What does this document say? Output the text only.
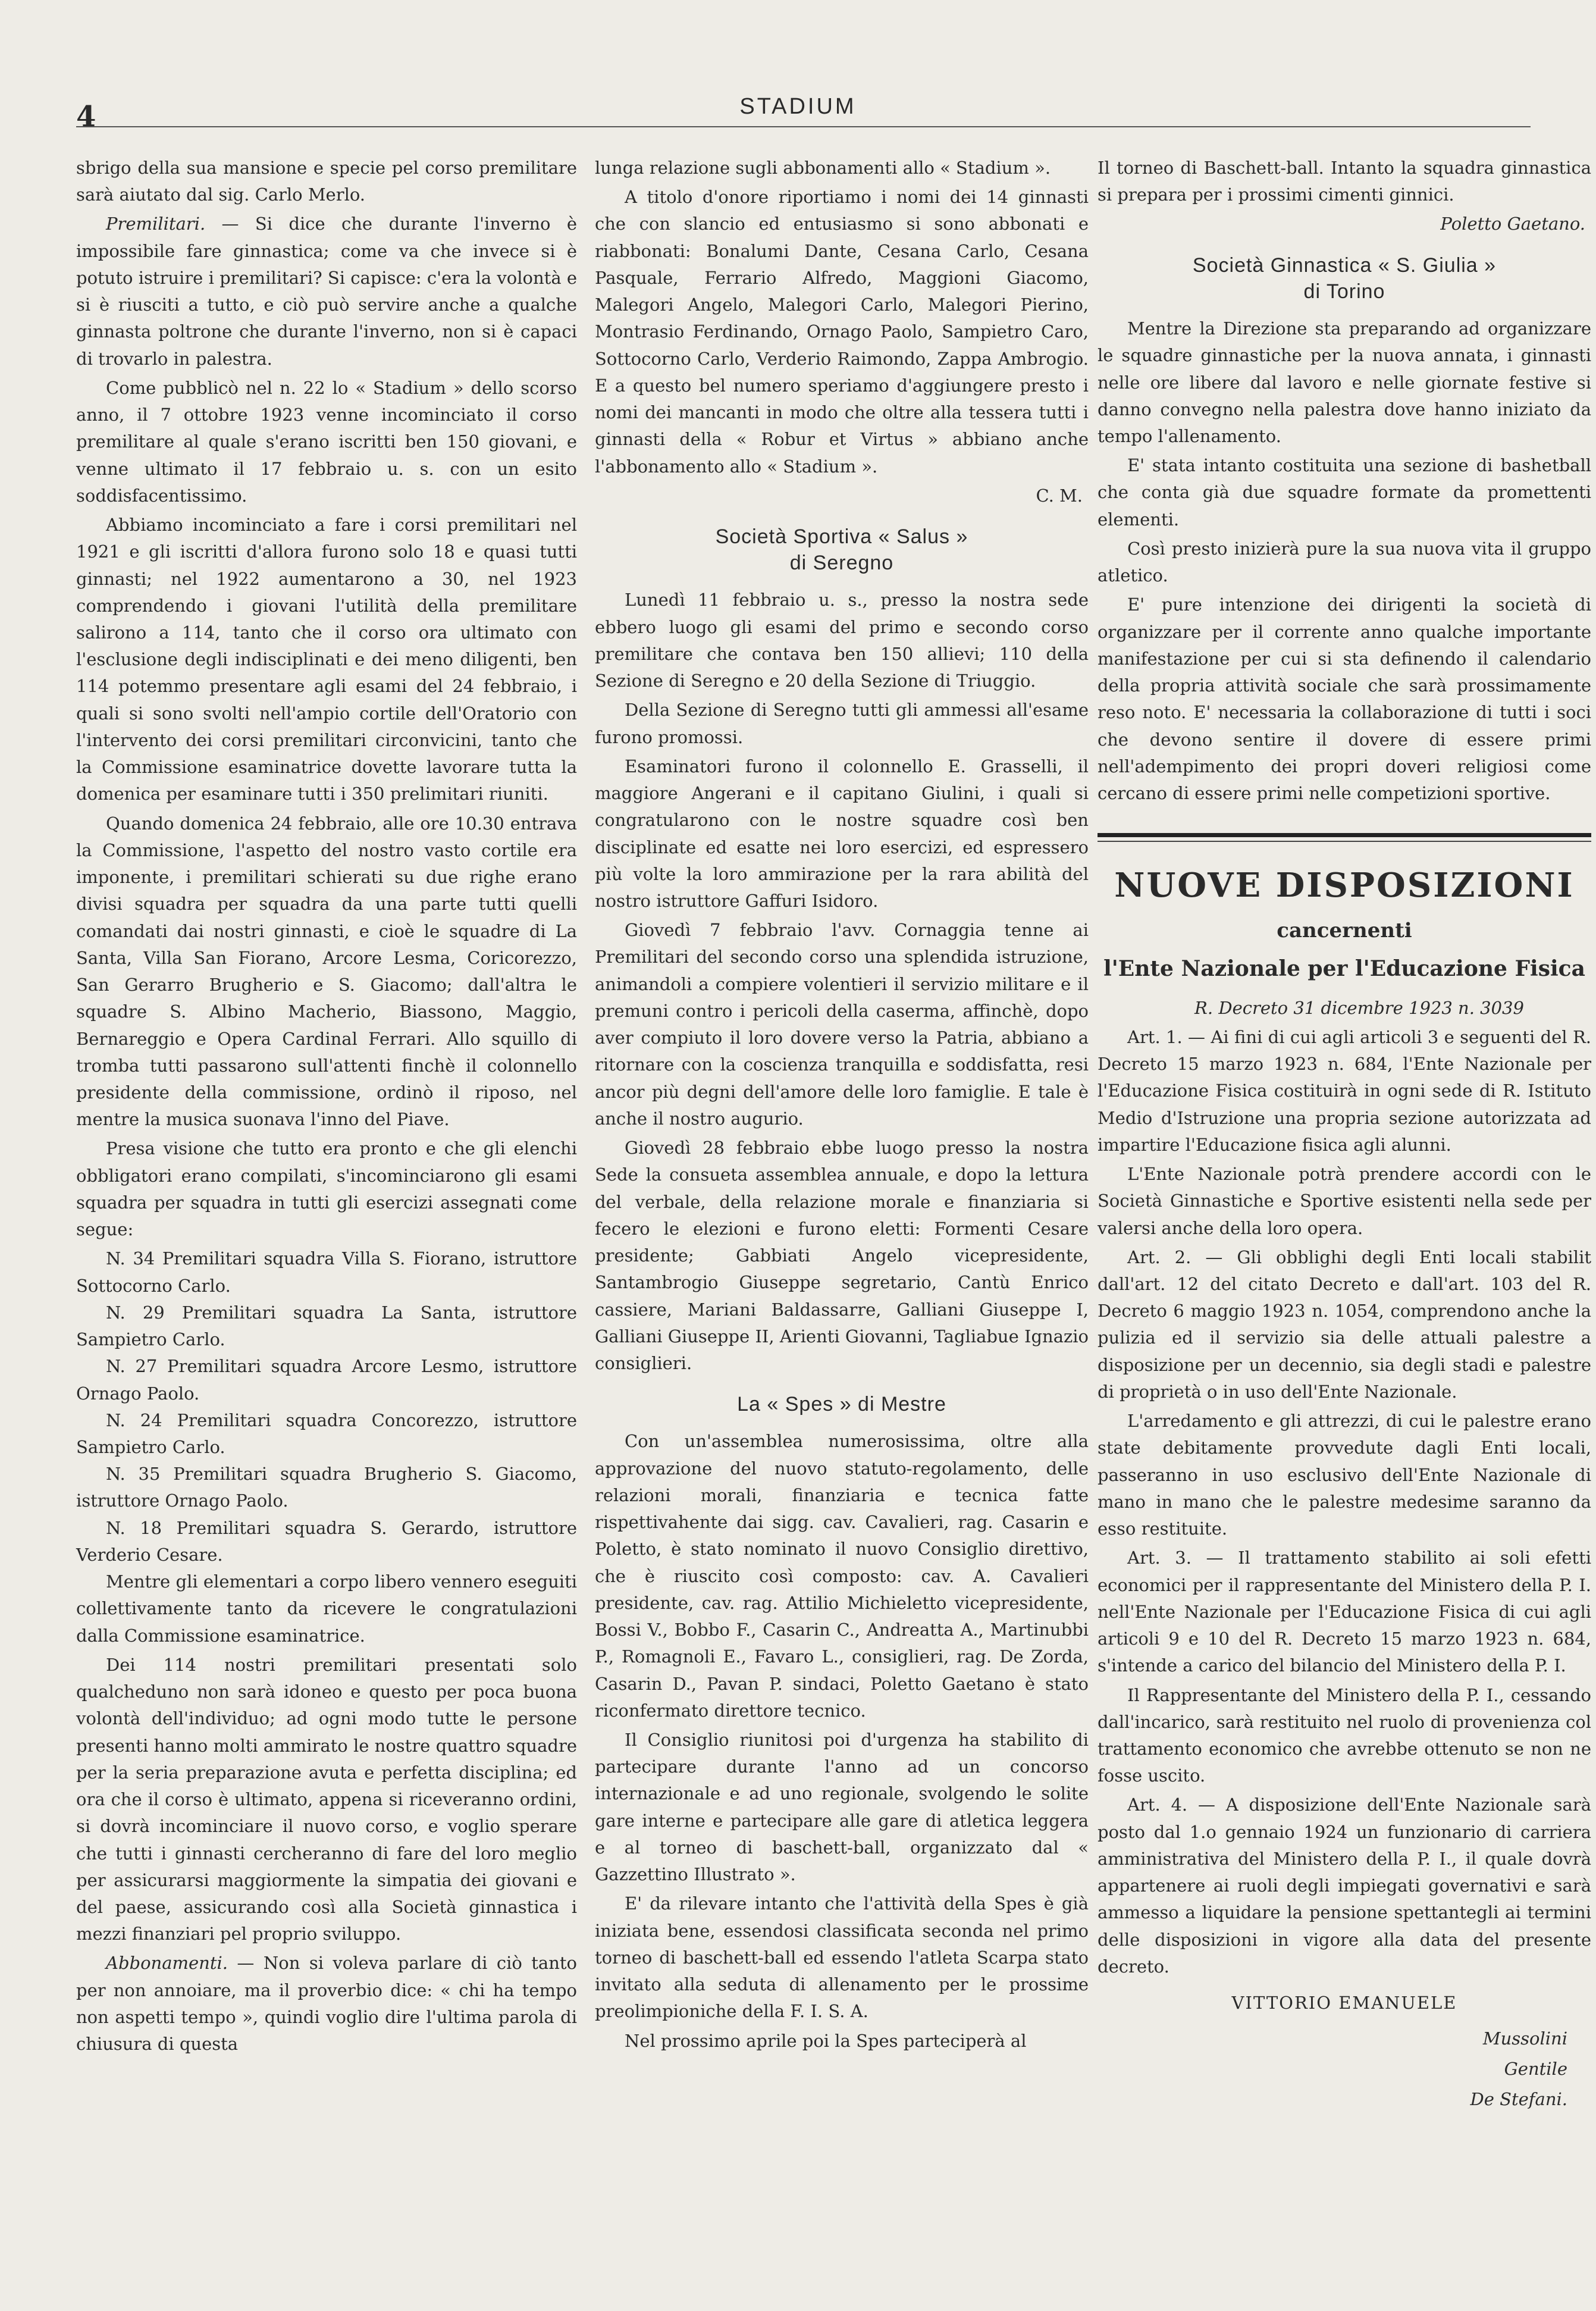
4	STADIUM

sbrigo della sua mansione e specie pel corso premilitare sarà aiutato dal sig. Carlo Merlo.

Premilitari. — Si dice che durante l'inverno è impossibile fare ginnastica; come va che invece si è potuto istruire i premilitari? Si capisce: c'era la volontà e si è riusciti a tutto, e ciò può servire anche a qualche ginnasta poltrone che durante l'inverno, non si è capaci di trovarlo in palestra.

Come pubblicò nel n. 22 lo « Stadium » dello scorso anno, il 7 ottobre 1923 venne incominciato il corso premilitare al quale s'erano iscritti ben 150 giovani, e venne ultimato il 17 febbraio u. s. con un esito soddisfacentissimo.

Abbiamo incominciato a fare i corsi premilitari nel 1921 e gli iscritti d'allora furono solo 18 e quasi tutti ginnasti; nel 1922 aumentarono a 30, nel 1923 comprendendo i giovani l'utilità della premilitare salirono a 114, tanto che il corso ora ultimato con l'esclusione degli indisciplinati e dei meno diligenti, ben 114 potemmo presentare agli esami del 24 febbraio, i quali si sono svolti nell'ampio cortile dell'Oratorio con l'intervento dei corsi premilitari circonvicini, tanto che la Commissione esaminatrice dovette lavorare tutta la domenica per esaminare tutti i 350 prelimitari riuniti.

Quando domenica 24 febbraio, alle ore 10.30 entrava la Commissione, l'aspetto del nostro vasto cortile era imponente, i premilitari schierati su due righe erano divisi squadra per squadra da una parte tutti quelli comandati dai nostri ginnasti, e cioè le squadre di La Santa, Villa San Fiorano, Arcore Lesma, Coricorezzo, San Gerarro Brugherio e S. Giacomo; dall'altra le squadre S. Albino Macherio, Biassono, Maggio, Bernareggio e Opera Cardinal Ferrari. Allo squillo di tromba tutti passarono sull'attenti finchè il colonnello presidente della commissione, ordinò il riposo, nel mentre la musica suonava l'inno del Piave.

Presa visione che tutto era pronto e che gli elenchi obbligatori erano compilati, s'incominciarono gli esami squadra per squadra in tutti gli esercizi assegnati come segue:

N. 34 Premilitari squadra Villa S. Fiorano, istruttore Sottocorno Carlo.

N. 29 Premilitari squadra La Santa, istruttore Sampietro Carlo.

N. 27 Premilitari squadra Arcore Lesmo, istruttore Ornago Paolo.

N. 24 Premilitari squadra Concorezzo, istruttore Sampietro Carlo.

N. 35 Premilitari squadra Brugherio S. Giacomo, istruttore Ornago Paolo.

N. 18 Premilitari squadra S. Gerardo, istruttore Verderio Cesare.

Mentre gli elementari a corpo libero vennero eseguiti collettivamente tanto da ricevere le congratulazioni dalla Commissione esaminatrice.

Dei 114 nostri premilitari presentati solo qualcheduno non sarà idoneo e questo per poca buona volontà dell'individuo; ad ogni modo tutte le persone presenti hanno molti ammirato le nostre quattro squadre per la seria preparazione avuta e perfetta disciplina; ed ora che il corso è ultimato, appena si riceveranno ordini, si dovrà incominciare il nuovo corso, e voglio sperare che tutti i ginnasti cercheranno di fare del loro meglio per assicurarsi maggiormente la simpatia dei giovani e del paese, assicurando così alla Società ginnastica i mezzi finanziari pel proprio sviluppo.

Abbonamenti. — Non si voleva parlare di ciò tanto per non annoiare, ma il proverbio dice: « chi ha tempo non aspetti tempo », quindi voglio dire l'ultima parola di chiusura di questa

lunga relazione sugli abbonamenti allo « Stadium ».

A titolo d'onore riportiamo i nomi dei 14 ginnasti che con slancio ed entusiasmo si sono abbonati e riabbonati: Bonalumi Dante, Cesana Carlo, Cesana Pasquale, Ferrario Alfredo, Maggioni Giacomo, Malegori Angelo, Malegori Carlo, Malegori Pierino, Montrasio Ferdinando, Ornago Paolo, Sampietro Caro, Sottocorno Carlo, Verderio Raimondo, Zappa Ambrogio. E a questo bel numero speriamo d'aggiungere presto i nomi dei mancanti in modo che oltre alla tessera tutti i ginnasti della « Robur et Virtus » abbiano anche l'abbonamento allo « Stadium ».

C. M.
Società Sportiva « Salus »
di Seregno

Lunedì 11 febbraio u. s., presso la nostra sede ebbero luogo gli esami del primo e secondo corso premilitare che contava ben 150 allievi; 110 della Sezione di Seregno e 20 della Sezione di Triuggio.

Della Sezione di Seregno tutti gli ammessi all'esame furono promossi.

Esaminatori furono il colonnello E. Grasselli, il maggiore Angerani e il capitano Giulini, i quali si congratularono con le nostre squadre così ben disciplinate ed esatte nei loro esercizi, ed espressero più volte la loro ammirazione per la rara abilità del nostro istruttore Gaffuri Isidoro.

Giovedì 7 febbraio l'avv. Cornaggia tenne ai Premilitari del secondo corso una splendida istruzione, animandoli a compiere volentieri il servizio militare e il premuni contro i pericoli della caserma, affinchè, dopo aver compiuto il loro dovere verso la Patria, abbiano a ritornare con la coscienza tranquilla e soddisfatta, resi ancor più degni dell'amore delle loro famiglie. E tale è anche il nostro augurio.

Giovedì 28 febbraio ebbe luogo presso la nostra Sede la consueta assemblea annuale, e dopo la lettura del verbale, della relazione morale e finanziaria si fecero le elezioni e furono eletti: Formenti Cesare presidente; Gabbiati Angelo vicepresidente, Santambrogio Giuseppe segretario, Cantù Enrico cassiere, Mariani Baldassarre, Galliani Giuseppe I, Galliani Giuseppe II, Arienti Giovanni, Tagliabue Ignazio consiglieri.

La « Spes » di Mestre

Con un'assemblea numerosissima, oltre alla approvazione del nuovo statuto-regolamento, delle relazioni morali, finanziaria e tecnica fatte rispettivahente dai sigg. cav. Cavalieri, rag. Casarin e Poletto, è stato nominato il nuovo Consiglio direttivo, che è riuscito così composto: cav. A. Cavalieri presidente, cav. rag. Attilio Michieletto vicepresidente, Bossi V., Bobbo F., Casarin C., Andreatta A., Martinubbi P., Romagnoli E., Favaro L., consiglieri, rag. De Zorda, Casarin D., Pavan P. sindaci, Poletto Gaetano è stato riconfermato direttore tecnico.

Il Consiglio riunitosi poi d'urgenza ha stabilito di partecipare durante l'anno ad un concorso internazionale e ad uno regionale, svolgendo le solite gare interne e partecipare alle gare di atletica leggera e al torneo di baschett-ball, organizzato dal « Gazzettino Illustrato ».

E' da rilevare intanto che l'attività della Spes è già iniziata bene, essendosi classificata seconda nel primo torneo di baschett-ball ed essendo l'atleta Scarpa stato invitato alla seduta di allenamento per le prossime preolimpioniche della F. I. S. A.

Nel prossimo aprile poi la Spes parteciperà al

Il torneo di Baschett-ball. Intanto la squadra ginnastica si prepara per i prossimi cimenti ginnici.

Poletto Gaetano.
Società Ginnastica « S. Giulia »
di Torino

Mentre la Direzione sta preparando ad organizzare le squadre ginnastiche per la nuova annata, i ginnasti nelle ore libere dal lavoro e nelle giornate festive si danno convegno nella palestra dove hanno iniziato da tempo l'allenamento.

E' stata intanto costituita una sezione di bashetball che conta già due squadre formate da promettenti elementi.

Così presto inizierà pure la sua nuova vita il gruppo atletico.

E' pure intenzione dei dirigenti la società di organizzare per il corrente anno qualche importante manifestazione per cui si sta definendo il calendario della propria attività sociale che sarà prossimamente reso noto. E' necessaria la collaborazione di tutti i soci che devono sentire il dovere di essere primi nell'adempimento dei propri doveri religiosi come cercano di essere primi nelle competizioni sportive.

NUOVE DISPOSIZIONI
cancernenti
l'Ente Nazionale per l'Educazione Fisica

R. Decreto 31 dicembre 1923 n. 3039

Art. 1. — Ai fini di cui agli articoli 3 e seguenti del R. Decreto 15 marzo 1923 n. 684, l'Ente Nazionale per l'Educazione Fisica costituirà in ogni sede di R. Istituto Medio d'Istruzione una propria sezione autorizzata ad impartire l'Educazione fisica agli alunni.

L'Ente Nazionale potrà prendere accordi con le Società Ginnastiche e Sportive esistenti nella sede per valersi anche della loro opera.

Art. 2. — Gli obblighi degli Enti locali stabilit dall'art. 12 del citato Decreto e dall'art. 103 del R. Decreto 6 maggio 1923 n. 1054, comprendono anche la pulizia ed il servizio sia delle attuali palestre a disposizione per un decennio, sia degli stadi e palestre di proprietà o in uso dell'Ente Nazionale.

L'arredamento e gli attrezzi, di cui le palestre erano state debitamente provvedute dagli Enti locali, passeranno in uso esclusivo dell'Ente Nazionale di mano in mano che le palestre medesime saranno da esso restituite.

Art. 3. — Il trattamento stabilito ai soli efetti economici per il rappresentante del Ministero della P. I. nell'Ente Nazionale per l'Educazione Fisica di cui agli articoli 9 e 10 del R. Decreto 15 marzo 1923 n. 684, s'intende a carico del bilancio del Ministero della P. I.

Il Rappresentante del Ministero della P. I., cessando dall'incarico, sarà restituito nel ruolo di provenienza col trattamento economico che avrebbe ottenuto se non ne fosse uscito.

Art. 4. — A disposizione dell'Ente Nazionale sarà posto dal 1.o gennaio 1924 un funzionario di carriera amministrativa del Ministero della P. I., il quale dovrà appartenere ai ruoli degli impiegati governativi e sarà ammesso a liquidare la pensione spettantegli ai termini delle disposizioni in vigore alla data del presente decreto.

VITTORIO EMANUELE
Mussolini
Gentile
De Stefani.
